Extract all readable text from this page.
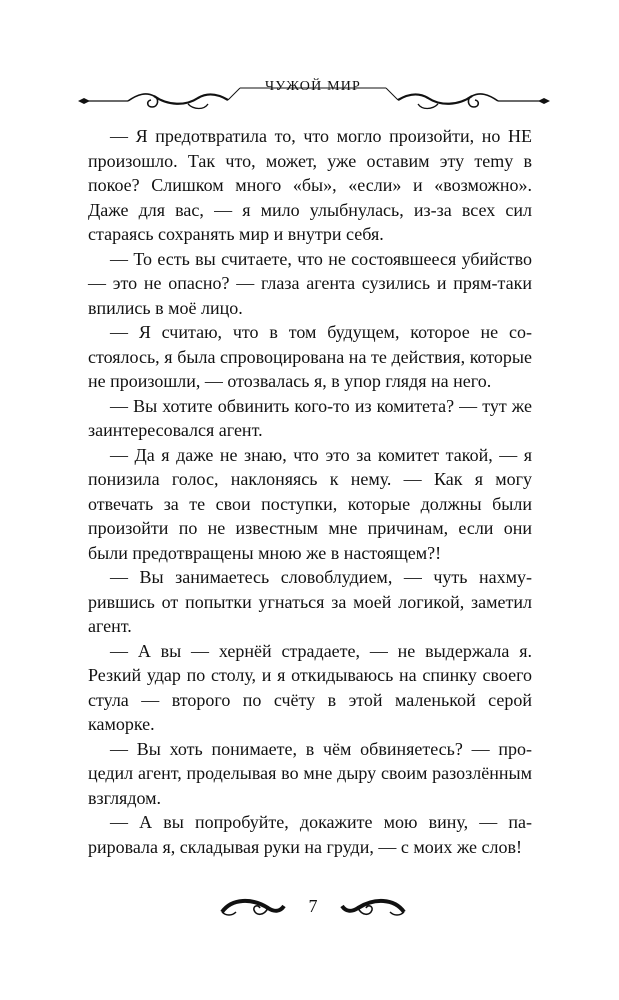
ЧУЖОЙ МИР

— Я предотвратила то, что могло произойти, но НЕ произошло. Так что, может, уже оставим эту теmу в покое? Слишком много «бы», «если» и «возможно». Даже для вас, — я мило улыбнулась, из-за всех сил стараясь сохранять мир и внутри себя.

— То есть вы считаете, что не состоявшееся убийство — это не опасно? — глаза агента сузились и прям-таки впились в моё лицо.

— Я считаю, что в том будущем, которое не состоялось, я была спровоцирована на те действия, которые не произошли, — отозвалась я, в упор глядя на него.

— Вы хотите обвинить кого-то из комитета? — тут же заинтересовался агент.

— Да я даже не знаю, что это за комитет такой, — я понизила голос, наклоняясь к нему. — Как я могу отвечать за те свои поступки, которые должны были произойти по не известным мне причинам, если они были предотвращены мною же в настоящем?!

— Вы занимаетесь словоблудием, — чуть нахмурившись от попытки угнаться за моей логикой, заметил агент.

— А вы — хернёй страдаете, — не выдержала я. Резкий удар по столу, и я откидываюсь на спинку своего стула — второго по счёту в этой маленькой серой каморке.

— Вы хоть понимаете, в чём обвиняетесь? — процедил агент, проделывая во мне дыру своим разозлённым взглядом.

— А вы попробуйте, докажите мою вину, — парировала я, складывая руки на груди, — с моих же слов!

7
